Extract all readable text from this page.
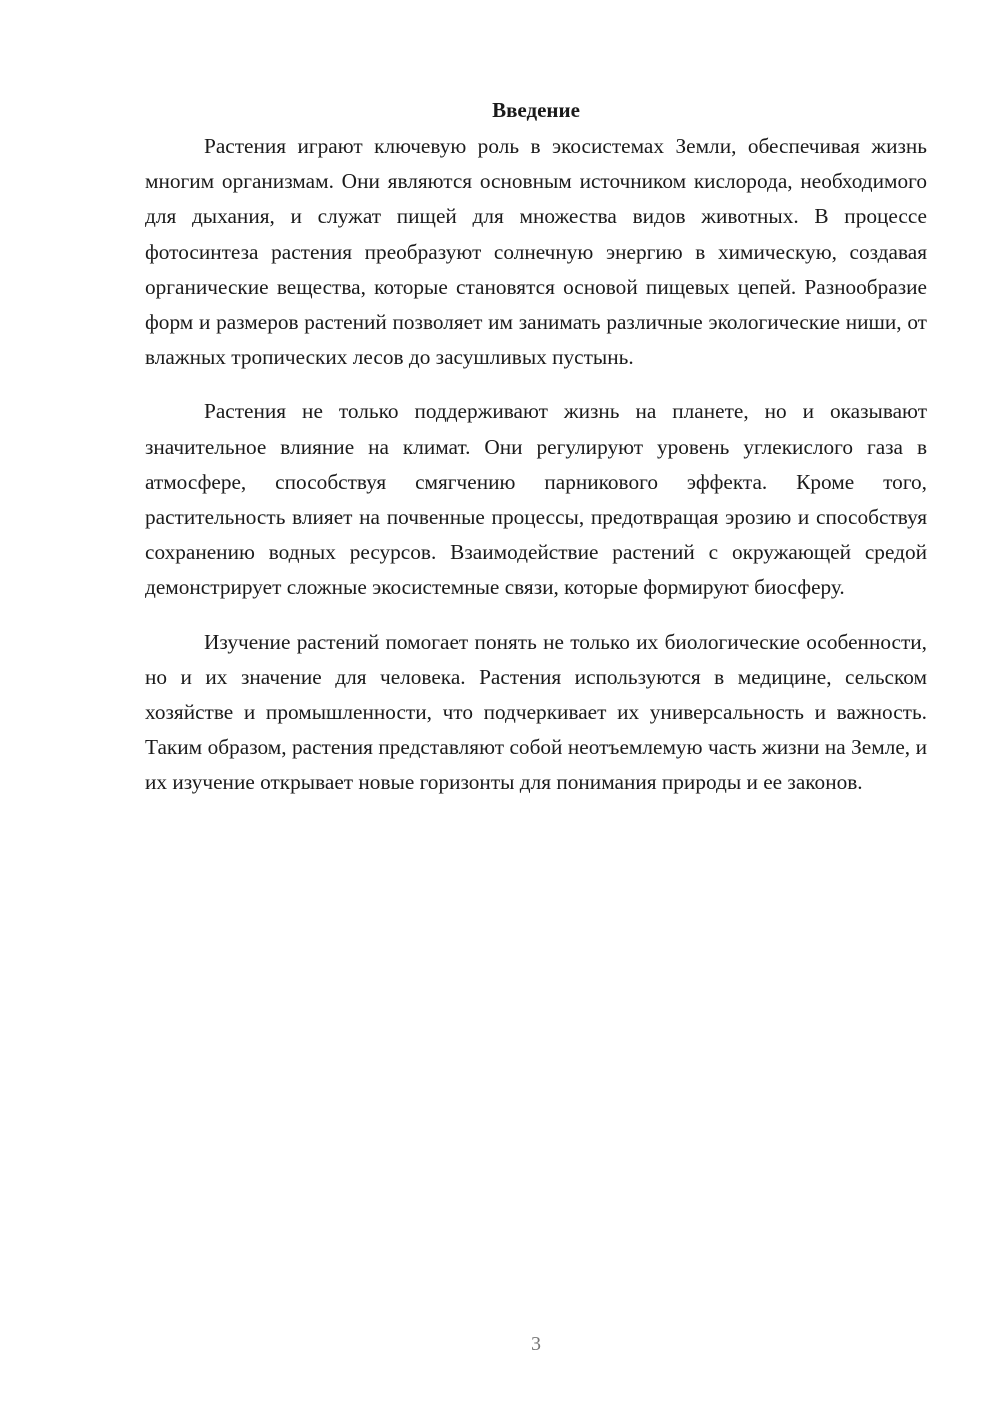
Введение

Растения играют ключевую роль в экосистемах Земли, обеспечивая жизнь многим организмам. Они являются основным источником кислорода, необходимого для дыхания, и служат пищей для множества видов животных. В процессе фотосинтеза растения преобразуют солнечную энергию в химическую, создавая органические вещества, которые становятся основой пищевых цепей. Разнообразие форм и размеров растений позволяет им занимать различные экологические ниши, от влажных тропических лесов до засушливых пустынь.

Растения не только поддерживают жизнь на планете, но и оказывают значительное влияние на климат. Они регулируют уровень углекислого газа в атмосфере, способствуя смягчению парникового эффекта. Кроме того, растительность влияет на почвенные процессы, предотвращая эрозию и способствуя сохранению водных ресурсов. Взаимодействие растений с окружающей средой демонстрирует сложные экосистемные связи, которые формируют биосферу.

Изучение растений помогает понять не только их биологические особенности, но и их значение для человека. Растения используются в медицине, сельском хозяйстве и промышленности, что подчеркивает их универсальность и важность. Таким образом, растения представляют собой неотъемлемую часть жизни на Земле, и их изучение открывает новые горизонты для понимания природы и ее законов.

3
